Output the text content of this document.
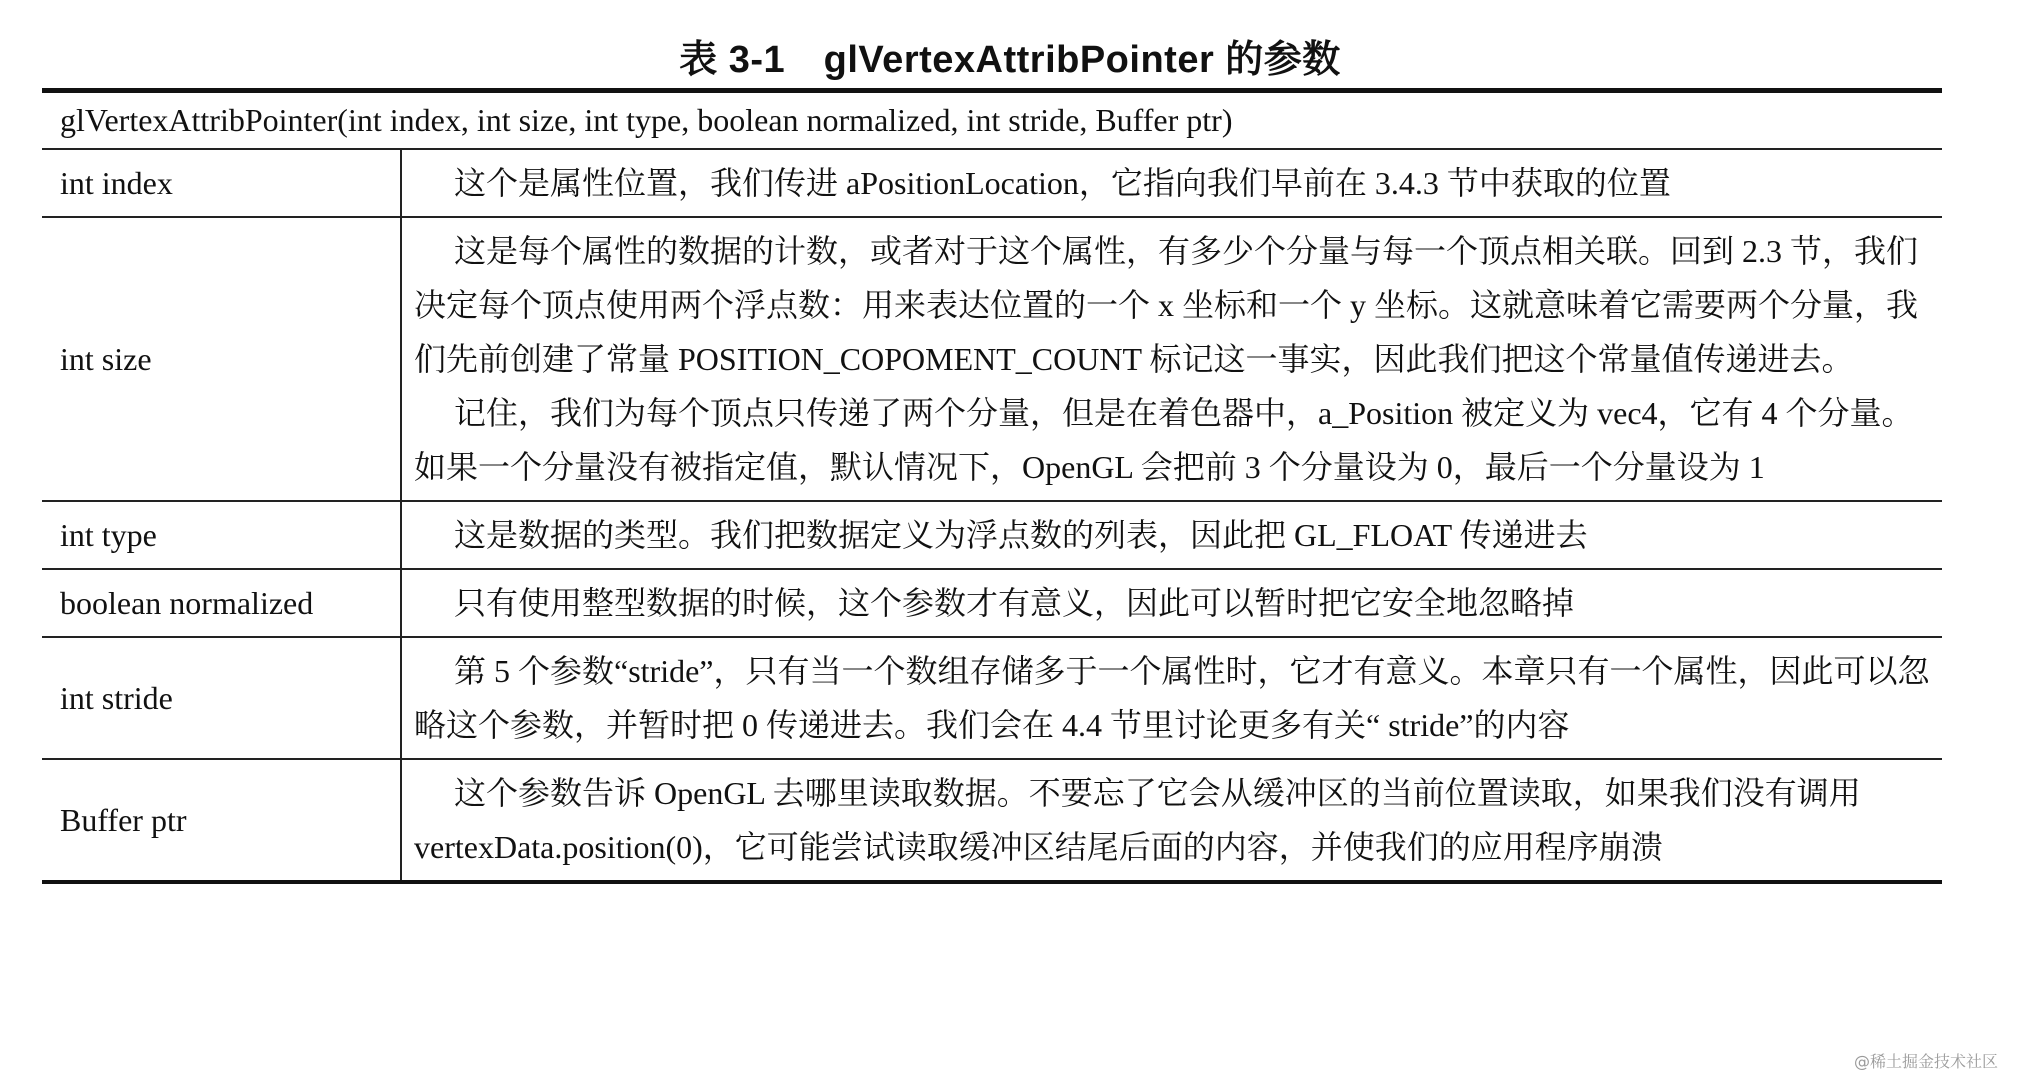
表 3-1　glVertexAttribPointer 的参数
glVertexAttribPointer(int index, int size, int type, boolean normalized, int stride, Buffer ptr)	
int index	这个是属性位置，我们传进 aPositionLocation，它指向我们早前在 3.4.3 节中获取的位置

int size	这是每个属性的数据的计数，或者对于这个属性，有多少个分量与每一个顶点相关联。回到 2.3 节，我们决定每个顶点使用两个浮点数：用来表达位置的一个 x 坐标和一个 y 坐标。这就意味着它需要两个分量，我们先前创建了常量 POSITION_COPOMENT_COUNT 标记这一事实，因此我们把这个常量值传递进去。

记住，我们为每个顶点只传递了两个分量，但是在着色器中，a_Position 被定义为 vec4，它有 4 个分量。如果一个分量没有被指定值，默认情况下，OpenGL 会把前 3 个分量设为 0，最后一个分量设为 1

int type	这是数据的类型。我们把数据定义为浮点数的列表，因此把 GL_FLOAT 传递进去

boolean normalized	只有使用整型数据的时候，这个参数才有意义，因此可以暂时把它安全地忽略掉

int stride	第 5 个参数“stride”，只有当一个数组存储多于一个属性时，它才有意义。本章只有一个属性，因此可以忽略这个参数，并暂时把 0 传递进去。我们会在 4.4 节里讨论更多有关“ stride”的内容

Buffer ptr	这个参数告诉 OpenGL 去哪里读取数据。不要忘了它会从缓冲区的当前位置读取，如果我们没有调用 vertexData.position(0)，它可能尝试读取缓冲区结尾后面的内容，并使我们的应用程序崩溃

@稀土掘金技术社区
